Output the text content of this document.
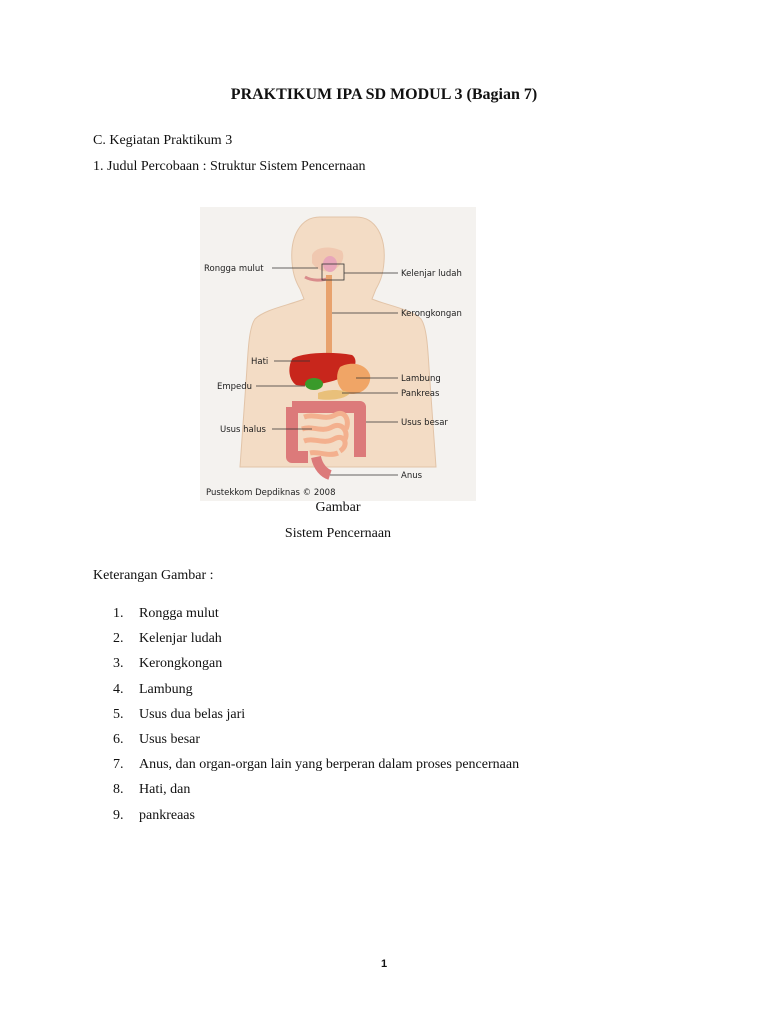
PRAKTIKUM IPA SD MODUL 3 (Bagian 7)
C. Kegiatan Praktikum 3
1. Judul Percobaan : Struktur Sistem Pencernaan
Rongga mulut
Hati
Empedu
Usus halus
Kelenjar ludah
Kerongkongan
Lambung
Pankreas
Usus besar
Anus
Pustekkom Depdiknas © 2008
Gambar
Sistem Pencernaan
Keterangan Gambar :
1. Rongga mulut
2. Kelenjar ludah
3. Kerongkongan
4. Lambung
5. Usus dua belas jari
6. Usus besar
7. Anus, dan organ-organ lain yang berperan dalam proses pencernaan
8. Hati, dan
9. pankreaas
1
